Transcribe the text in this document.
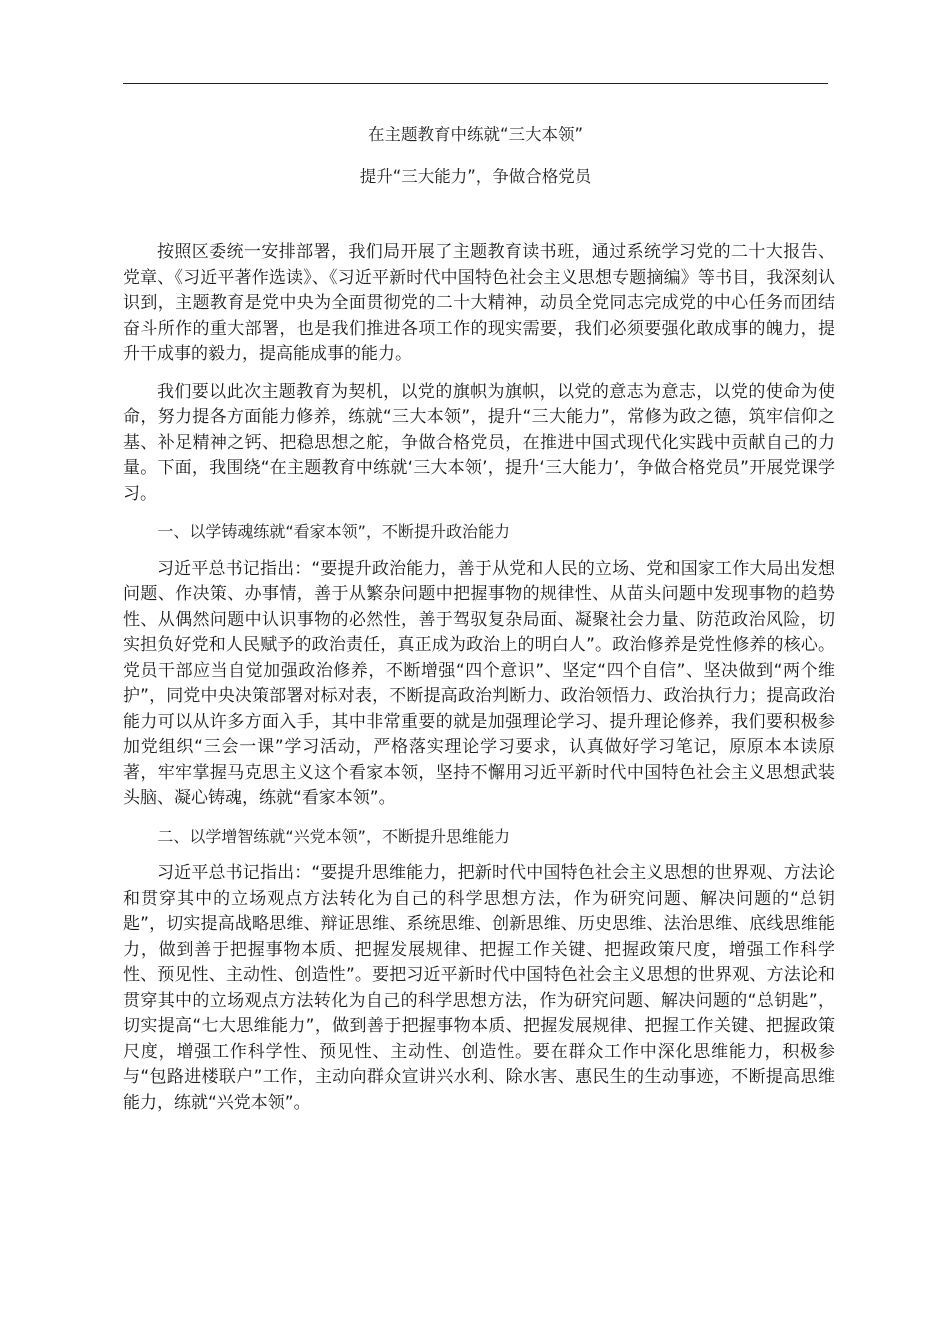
在主题教育中练就“三大本领”
提升“三大能力”，争做合格党员

按照区委统一安排部署，我们局开展了主题教育读书班，通过系统学习党的二十大报告、党章、《习近平著作选读》、《习近平新时代中国特色社会主义思想专题摘编》等书目，我深刻认识到，主题教育是党中央为全面贯彻党的二十大精神，动员全党同志完成党的中心任务而团结奋斗所作的重大部署，也是我们推进各项工作的现实需要，我们必须要强化敢成事的魄力，提升干成事的毅力，提高能成事的能力。

我们要以此次主题教育为契机，以党的旗帜为旗帜，以党的意志为意志，以党的使命为使命，努力提各方面能力修养，练就“三大本领”，提升“三大能力”，常修为政之德，筑牢信仰之基、补足精神之钙、把稳思想之舵，争做合格党员，在推进中国式现代化实践中贡献自己的力量。下面，我围绕“在主题教育中练就‘三大本领’，提升‘三大能力’，争做合格党员”开展党课学习。

一、以学铸魂练就“看家本领”，不断提升政治能力

习近平总书记指出：“要提升政治能力，善于从党和人民的立场、党和国家工作大局出发想问题、作决策、办事情，善于从繁杂问题中把握事物的规律性、从苗头问题中发现事物的趋势性、从偶然问题中认识事物的必然性，善于驾驭复杂局面、凝聚社会力量、防范政治风险，切实担负好党和人民赋予的政治责任，真正成为政治上的明白人”。政治修养是党性修养的核心。党员干部应当自觉加强政治修养，不断增强“四个意识”、坚定“四个自信”、坚决做到“两个维护”，同党中央决策部署对标对表，不断提高政治判断力、政治领悟力、政治执行力；提高政治能力可以从许多方面入手，其中非常重要的就是加强理论学习、提升理论修养，我们要积极参加党组织“三会一课”学习活动，严格落实理论学习要求，认真做好学习笔记，原原本本读原著，牢牢掌握马克思主义这个看家本领，坚持不懈用习近平新时代中国特色社会主义思想武装头脑、凝心铸魂，练就“看家本领”。

二、以学增智练就“兴党本领”，不断提升思维能力

习近平总书记指出：“要提升思维能力，把新时代中国特色社会主义思想的世界观、方法论和贯穿其中的立场观点方法转化为自己的科学思想方法，作为研究问题、解决问题的“总钥匙”，切实提高战略思维、辩证思维、系统思维、创新思维、历史思维、法治思维、底线思维能力，做到善于把握事物本质、把握发展规律、把握工作关键、把握政策尺度，增强工作科学性、预见性、主动性、创造性”。要把习近平新时代中国特色社会主义思想的世界观、方法论和贯穿其中的立场观点方法转化为自己的科学思想方法，作为研究问题、解决问题的“总钥匙”，切实提高“七大思维能力”，做到善于把握事物本质、把握发展规律、把握工作关键、把握政策尺度，增强工作科学性、预见性、主动性、创造性。要在群众工作中深化思维能力，积极参与“包路进楼联户”工作，主动向群众宣讲兴水利、除水害、惠民生的生动事迹，不断提高思维能力，练就“兴党本领”。
